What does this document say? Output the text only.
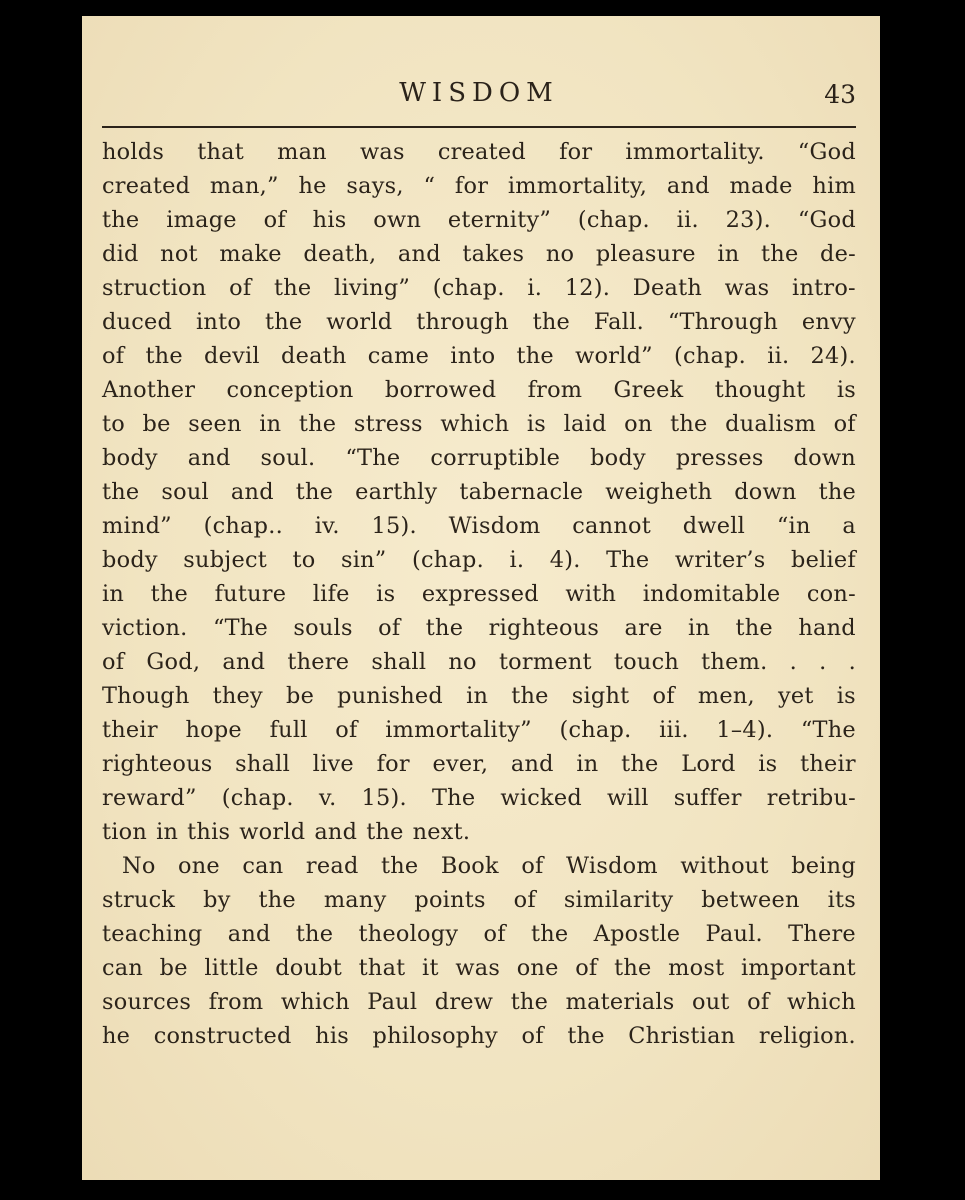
WISDOM	43
holds that man was created for immortality. “God
created man,” he says, “ for immortality, and made him
the image of his own eternity” (chap. ii. 23). “God
did not make death, and takes no pleasure in the de-
struction of the living” (chap. i. 12). Death was intro-
duced into the world through the Fall. “Through envy
of the devil death came into the world” (chap. ii. 24).
Another conception borrowed from Greek thought is
to be seen in the stress which is laid on the dualism of
body and soul. “The corruptible body presses down
the soul and the earthly tabernacle weigheth down the
mind” (chap.. iv. 15). Wisdom cannot dwell “in a
body subject to sin” (chap. i. 4). The writer’s belief
in the future life is expressed with indomitable con-
viction. “The souls of the righteous are in the hand
of God, and there shall no torment touch them. . . .
Though they be punished in the sight of men, yet is
their hope full of immortality” (chap. iii. 1–4). “The
righteous shall live for ever, and in the Lord is their
reward” (chap. v. 15). The wicked will suffer retribu-
tion in this world and the next.
No one can read the Book of Wisdom without being
struck by the many points of similarity between its
teaching and the theology of the Apostle Paul. There
can be little doubt that it was one of the most important
sources from which Paul drew the materials out of which
he constructed his philosophy of the Christian religion.
